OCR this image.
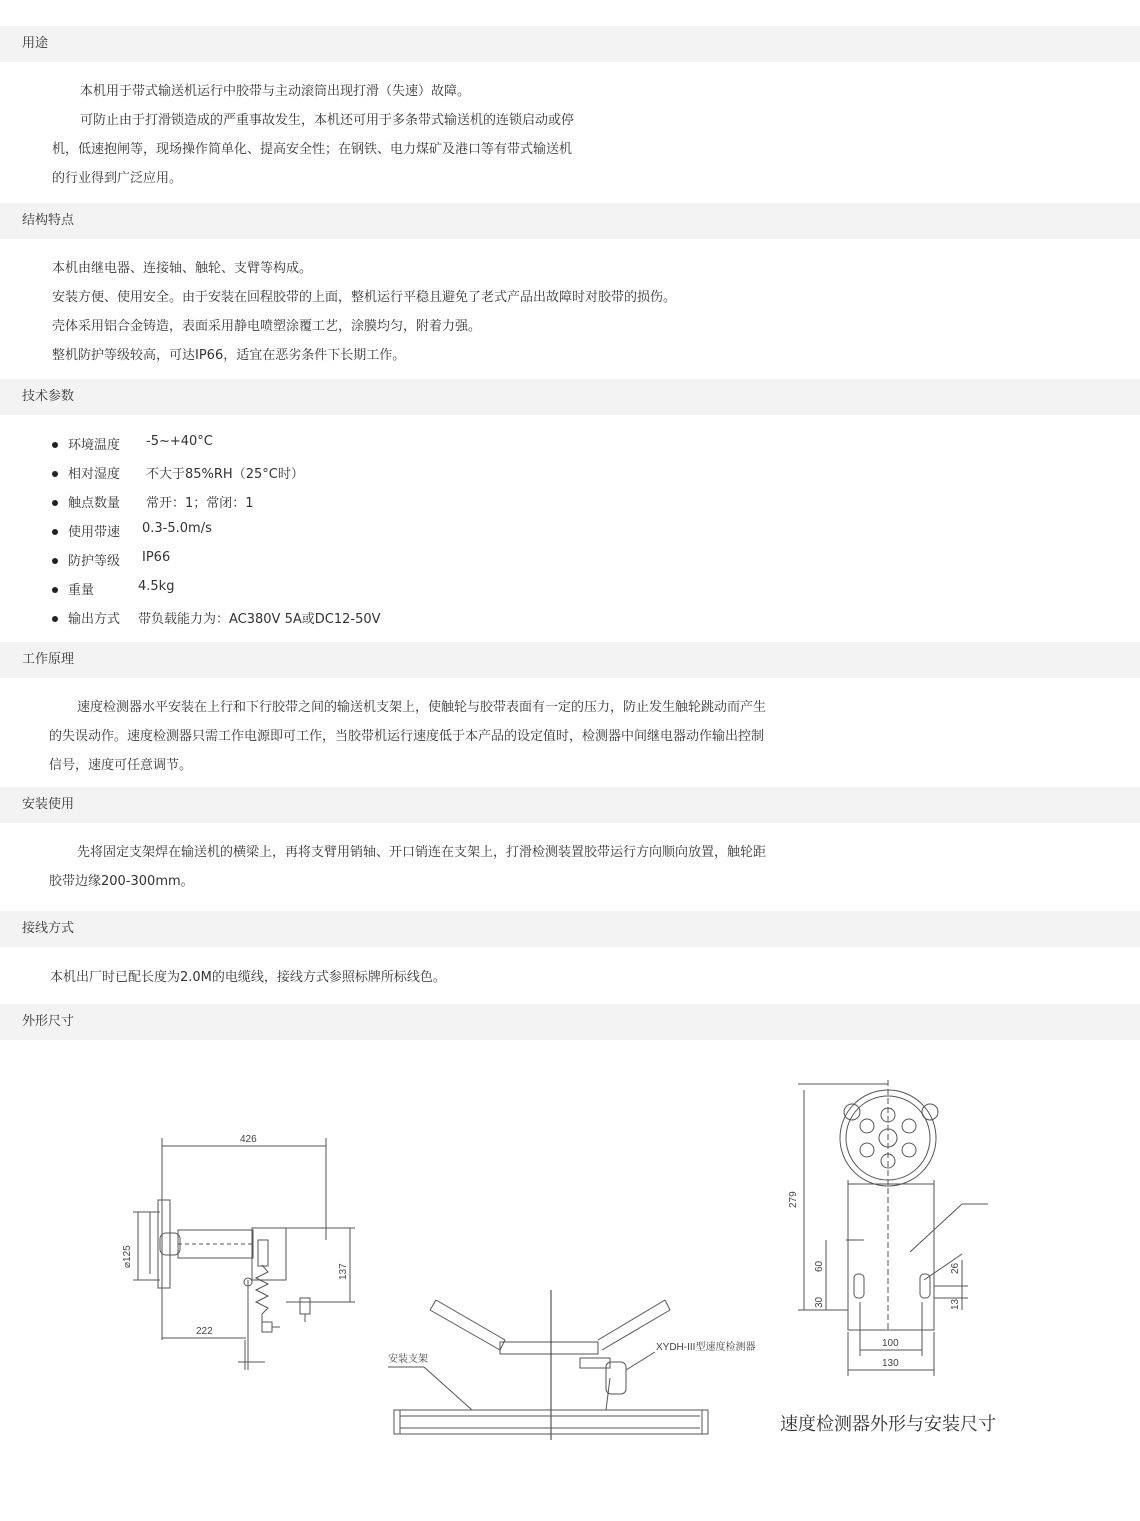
用途
本机用于带式输送机运行中胶带与主动滚筒出现打滑（失速）故障。
可防止由于打滑锁造成的严重事故发生，本机还可用于多条带式输送机的连锁启动或停
机，低速抱闸等，现场操作简单化、提高安全性；在钢铁、电力煤矿及港口等有带式输送机
的行业得到广泛应用。
结构特点
本机由继电器、连接轴、触轮、支臂等构成。
安装方便、使用安全。由于安装在回程胶带的上面，整机运行平稳且避免了老式产品出故障时对胶带的损伤。
壳体采用铝合金铸造，表面采用静电喷塑涂覆工艺，涂膜均匀，附着力强。
整机防护等级较高，可达IP66，适宜在恶劣条件下长期工作。
技术参数
环境温度 -5~+40°C
相对湿度 不大于85%RH（25°C时）
触点数量 常开：1；常闭：1
使用带速 0.3-5.0m/s
防护等级 IP66
重量	4.5kg
输出方式 带负载能力为：AC380V 5A或DC12-50V
工作原理
速度检测器水平安装在上行和下行胶带之间的输送机支架上，使触轮与胶带表面有一定的压力，防止发生触轮跳动而产生
的失误动作。速度检测器只需工作电源即可工作，当胶带机运行速度低于本产品的设定值时，检测器中间继电器动作输出控制
信号，速度可任意调节。
安装使用
先将固定支架焊在输送机的横梁上，再将支臂用销轴、开口销连在支架上，打滑检测装置胶带运行方向顺向放置，触轮距
胶带边缘200-300mm。
接线方式
本机出厂时已配长度为2.0M的电缆线，接线方式参照标牌所标线色。
外形尺寸
426
222
⌀125
137
279
60
30
26
13
100
130
安装支架
XYDH-III型速度检测器
速度检测器外形与安装尺寸
